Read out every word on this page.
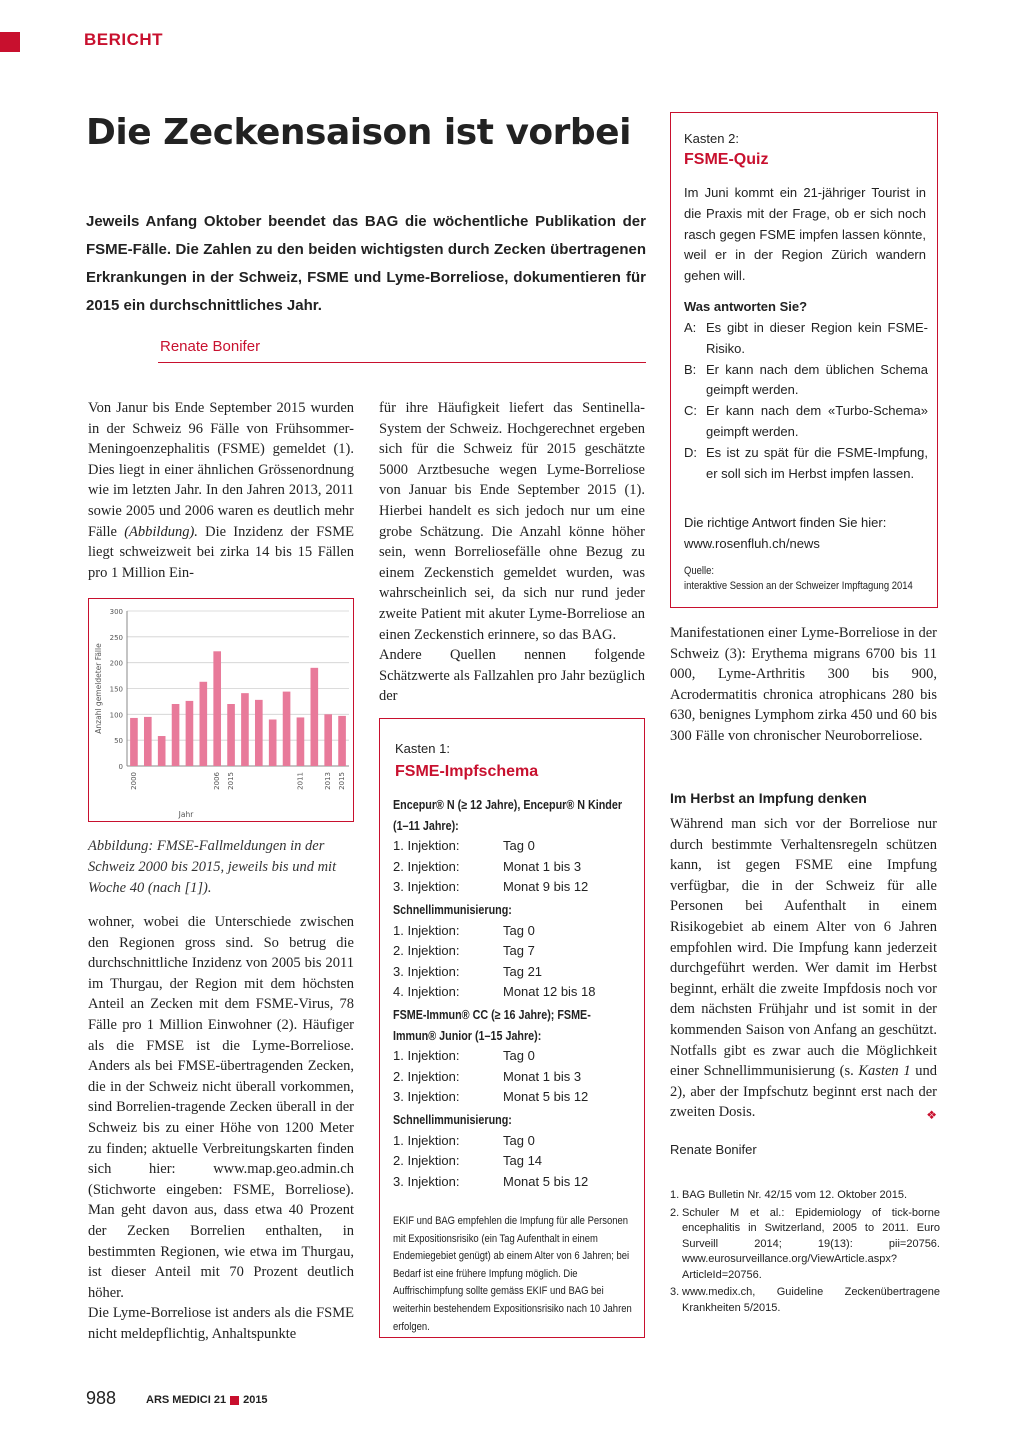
BERICHT
Die Zeckensaison ist vorbei

Jeweils Anfang Oktober beendet das BAG die wöchentliche Publikation der FSME-Fälle. Die Zahlen zu den beiden wichtigsten durch Zecken übertragenen Erkrankungen in der Schweiz, FSME und Lyme-Borreliose, dokumentieren für 2015 ein durchschnittliches Jahr.

Renate Bonifer

Von Janur bis Ende September 2015 wurden in der Schweiz 96 Fälle von Frühsommer-Meningoenzephalitis (FSME) gemeldet (1). Dies liegt in einer ähnlichen Grössenordnung wie im letzten Jahr. In den Jahren 2013, 2011 sowie 2005 und 2006 waren es deutlich mehr Fälle (Abbildung). Die Inzidenz der FSME liegt schweizweit bei zirka 14 bis 15 Fällen pro 1 Million Ein-

0
50
100
150
200
250
300
2000	2006 2015	2011	2013 2015
Anzahl gemeldeter Fälle
Jahr
Abbildung: FMSE-Fallmeldungen in der Schweiz 2000 bis 2015, jeweils bis und mit Woche 40 (nach [1]).

wohner, wobei die Unterschiede zwischen den Regionen gross sind. So betrug die durchschnittliche Inzidenz von 2005 bis 2011 im Thurgau, der Region mit dem höchsten Anteil an Zecken mit dem FSME-Virus, 78 Fälle pro 1 Million Einwohner (2). Häufiger als die FMSE ist die Lyme-Borreliose. Anders als bei FMSE-übertragenden Zecken, die in der Schweiz nicht überall vorkommen, sind Borrelien-tragende Zecken überall in der Schweiz bis zu einer Höhe von 1200 Meter zu finden; aktuelle Verbreitungskarten finden sich hier: www.map.geo.admin.ch (Stichworte eingeben: FSME, Borreliose). Man geht davon aus, dass etwa 40 Prozent der Zecken Borrelien enthalten, in bestimmten Regionen, wie etwa im Thurgau, ist dieser Anteil mit 70 Prozent deutlich höher.

Die Lyme-Borreliose ist anders als die FSME nicht meldepflichtig, Anhaltspunkte

für ihre Häufigkeit liefert das Sentinella-System der Schweiz. Hochgerechnet ergeben sich für die Schweiz für 2015 geschätzte 5000 Arztbesuche wegen Lyme-Borreliose von Januar bis Ende September 2015 (1). Hierbei handelt es sich jedoch nur um eine grobe Schätzung. Die Anzahl könne höher sein, wenn Borreliosefälle ohne Bezug zu einem Zeckenstich gemeldet wurden, was wahrscheinlich sei, da sich nur rund jeder zweite Patient mit akuter Lyme-Borreliose an einen Zeckenstich erinnere, so das BAG.

Andere Quellen nennen folgende Schätzwerte als Fallzahlen pro Jahr bezüglich der

Kasten 1:
FSME-Impfschema
Encepur® N (≥ 12 Jahre), Encepur® N Kinder (1–11 Jahre):
1. Injektion:	Tag 0
2. Injektion:	Monat 1 bis 3
3. Injektion:	Monat 9 bis 12
Schnellimmunisierung:
1. Injektion:	Tag 0
2. Injektion:	Tag 7
3. Injektion:	Tag 21
4. Injektion:	Monat 12 bis 18
FSME-Immun® CC (≥ 16 Jahre); FSME-Immun® Junior (1–15 Jahre):
1. Injektion:	Tag 0
2. Injektion:	Monat 1 bis 3
3. Injektion:	Monat 5 bis 12
Schnellimmunisierung:
1. Injektion:	Tag 0
2. Injektion:	Tag 14
3. Injektion:	Monat 5 bis 12
EKIF und BAG empfehlen die Impfung für alle Personen mit Expositionsrisiko (ein Tag Aufenthalt in einem Endemiegebiet genügt) ab einem Alter von 6 Jahren; bei Bedarf ist eine frühere Impfung möglich. Die Auffrischimpfung sollte gemäss EKIF und BAG bei weiterhin bestehendem Expositionsrisiko nach 10 Jahren erfolgen.
Kasten 2:
FSME-Quiz
Im Juni kommt ein 21-jähriger Tourist in die Praxis mit der Frage, ob er sich noch rasch gegen FSME impfen lassen könnte, weil er in der Region Zürich wandern gehen will.
Was antworten Sie?
A: Es gibt in dieser Region kein FSME-Risiko.
B: Er kann nach dem üblichen Schema geimpft werden.
C: Er kann nach dem «Turbo-Schema» geimpft werden.
D: Es ist zu spät für die FSME-Impfung, er soll sich im Herbst impfen lassen.
Die richtige Antwort finden Sie hier:
www.rosenfluh.ch/news
Quelle:
interaktive Session an der Schweizer Impftagung 2014

Manifestationen einer Lyme-Borreliose in der Schweiz (3): Erythema migrans 6700 bis 11 000, Lyme-Arthritis 300 bis 900, Acrodermatitis chronica atrophicans 280 bis 630, benignes Lymphom zirka 450 und 60 bis 300 Fälle von chronischer Neuroborreliose.

Im Herbst an Impfung denken

Während man sich vor der Borreliose nur durch bestimmte Verhaltensregeln schützen kann, ist gegen FSME eine Impfung verfügbar, die in der Schweiz für alle Personen bei Aufenthalt in einem Risikogebiet ab einem Alter von 6 Jahren empfohlen wird. Die Impfung kann jederzeit durchgeführt werden. Wer damit im Herbst beginnt, erhält die zweite Impfdosis noch vor dem nächsten Frühjahr und ist somit in der kommenden Saison von Anfang an geschützt. Notfalls gibt es zwar auch die Möglichkeit einer Schnellimmunisierung (s. Kasten 1 und 2), aber der Impfschutz beginnt erst nach der zweiten Dosis.	❖

Renate Bonifer
1. BAG Bulletin Nr. 42/15 vom 12. Oktober 2015.
2. Schuler M et al.: Epidemiology of tick-borne encephalitis in Switzerland, 2005 to 2011. Euro Surveill 2014; 19(13): pii=20756. www.eurosurveillance.org/ViewArticle.aspx?ArticleId=20756.
3. www.medix.ch, Guideline Zeckenübertragene Krankheiten 5/2015.
988	ARS MEDICI 21 2015
